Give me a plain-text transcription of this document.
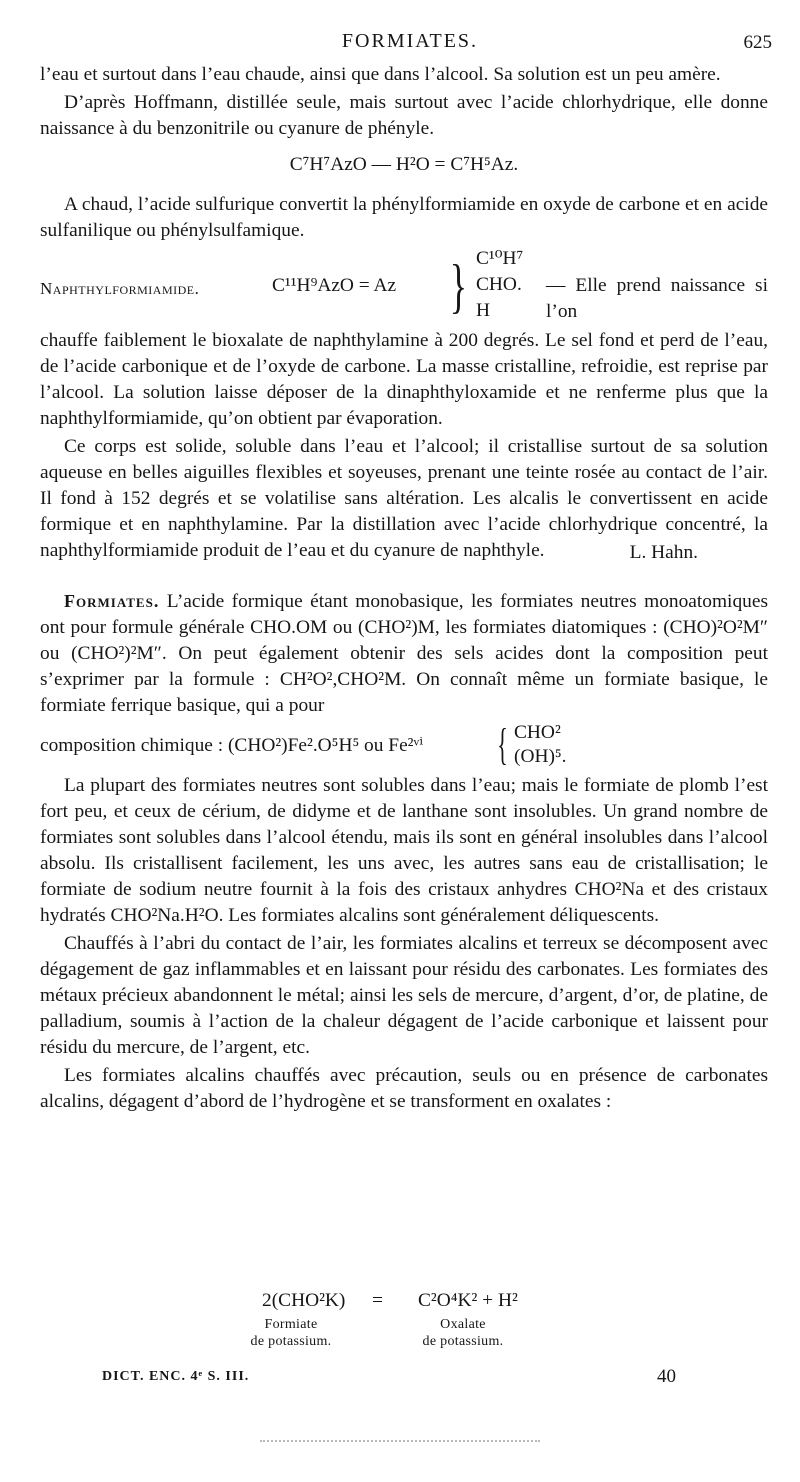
FORMIATES.	625

l’eau et surtout dans l’eau chaude, ainsi que dans l’alcool. Sa solution est un peu amère.

D’après Hoffmann, distillée seule, mais surtout avec l’acide chlorhydrique, elle donne naissance à du benzonitrile ou cyanure de phényle.

C⁷H⁷AzO — H²O = C⁷H⁵Az.

A chaud, l’acide sulfurique convertit la phénylformiamide en oxyde de carbone et en acide sulfanilique ou phénylsulfamique.

Naphthylformiamide.	C¹¹H⁹AzO = Az } C¹⁰H⁷
CHO.
H
— Elle prend naissance si l’on

chauffe faiblement le bioxalate de naphthylamine à 200 degrés. Le sel fond et perd de l’eau, de l’acide carbonique et de l’oxyde de carbone. La masse cristalline, refroidie, est reprise par l’alcool. La solution laisse déposer de la dinaphthyloxamide et ne renferme plus que la naphthylformiamide, qu’on obtient par évaporation.

Ce corps est solide, soluble dans l’eau et l’alcool; il cristallise surtout de sa solution aqueuse en belles aiguilles flexibles et soyeuses, prenant une teinte rosée au contact de l’air. Il fond à 152 degrés et se volatilise sans altération. Les alcalis le convertissent en acide formique et en naphthylamine. Par la distillation avec l’acide chlorhydrique concentré, la naphthylformiamide produit de l’eau et du cyanure de naphthyle.	L. Hahn.

Formiates. L’acide formique étant monobasique, les formiates neutres monoatomiques ont pour formule générale CHO.OM ou (CHO²)M, les formiates diatomiques : (CHO)²O²M″ ou (CHO²)²M″. On peut également obtenir des sels acides dont la composition peut s’exprimer par la formule : CH²O²,CHO²M. On connaît même un formiate basique, le formiate ferrique basique, qui a pour

composition chimique : (CHO²)Fe².O⁵H⁵ ou Fe²ᵛⁱ { CHO²
(OH)⁵.

La plupart des formiates neutres sont solubles dans l’eau; mais le formiate de plomb l’est fort peu, et ceux de cérium, de didyme et de lanthane sont insolubles. Un grand nombre de formiates sont solubles dans l’alcool étendu, mais ils sont en général insolubles dans l’alcool absolu. Ils cristallisent facilement, les uns avec, les autres sans eau de cristallisation; le formiate de sodium neutre fournit à la fois des cristaux anhydres CHO²Na et des cristaux hydratés CHO²Na.H²O. Les formiates alcalins sont généralement déliquescents.

Chauffés à l’abri du contact de l’air, les formiates alcalins et terreux se décomposent avec dégagement de gaz inflammables et en laissant pour résidu des carbonates. Les formiates des métaux précieux abandonnent le métal; ainsi les sels de mercure, d’argent, d’or, de platine, de palladium, soumis à l’action de la chaleur dégagent de l’acide carbonique et laissent pour résidu du mercure, de l’argent, etc.

Les formiates alcalins chauffés avec précaution, seuls ou en présence de carbonates alcalins, dégagent d’abord de l’hydrogène et se transforment en oxalates :

2(CHO²K) = C²O⁴K² + H²
Formiate
de potassium.
Oxalate
de potassium.
DICT. ENC. 4ᵉ S. III.	40
